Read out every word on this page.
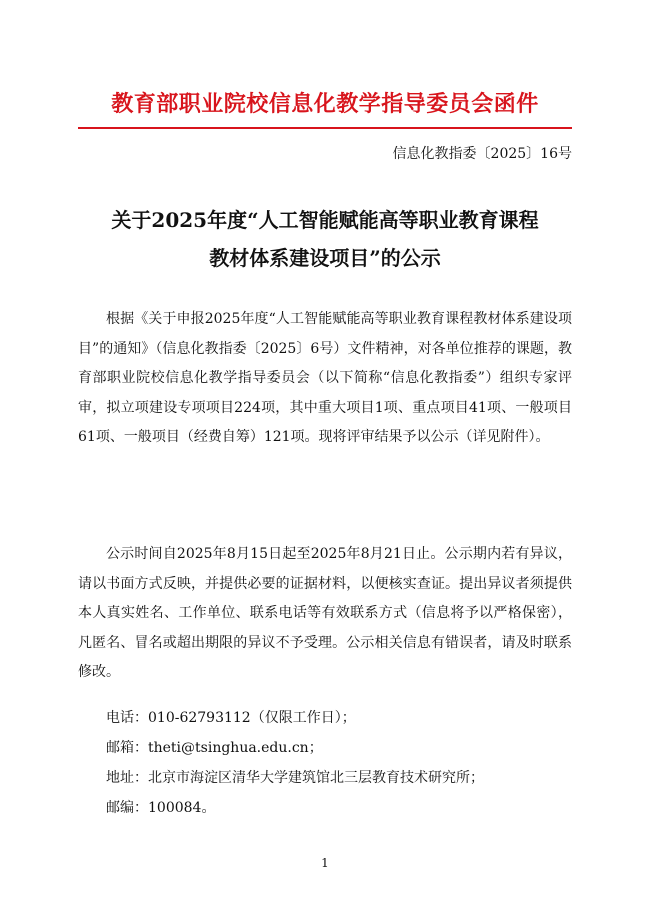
教育部职业院校信息化教学指导委员会函件
信息化教指委〔2025〕16号
关于2025年度“人工智能赋能高等职业教育课程
教材体系建设项目”的公示

根据《关于申报2025年度“人工智能赋能高等职业教育课程教材体系建设项目”的通知》（信息化教指委〔2025〕6号）文件精神，对各单位推荐的课题，教育部职业院校信息化教学指导委员会（以下简称“信息化教指委”）组织专家评审，拟立项建设专项项目224项，其中重大项目1项、重点项目41项、一般项目61项、一般项目（经费自筹）121项。现将评审结果予以公示（详见附件）。

公示时间自2025年8月15日起至2025年8月21日止。公示期内若有异议，请以书面方式反映，并提供必要的证据材料，以便核实查证。提出异议者须提供本人真实姓名、工作单位、联系电话等有效联系方式（信息将予以严格保密），凡匿名、冒名或超出期限的异议不予受理。公示相关信息有错误者，请及时联系修改。

电话：010-62793112（仅限工作日）；
邮箱：theti@tsinghua.edu.cn；
地址：北京市海淀区清华大学建筑馆北三层教育技术研究所；
邮编：100084。
1
